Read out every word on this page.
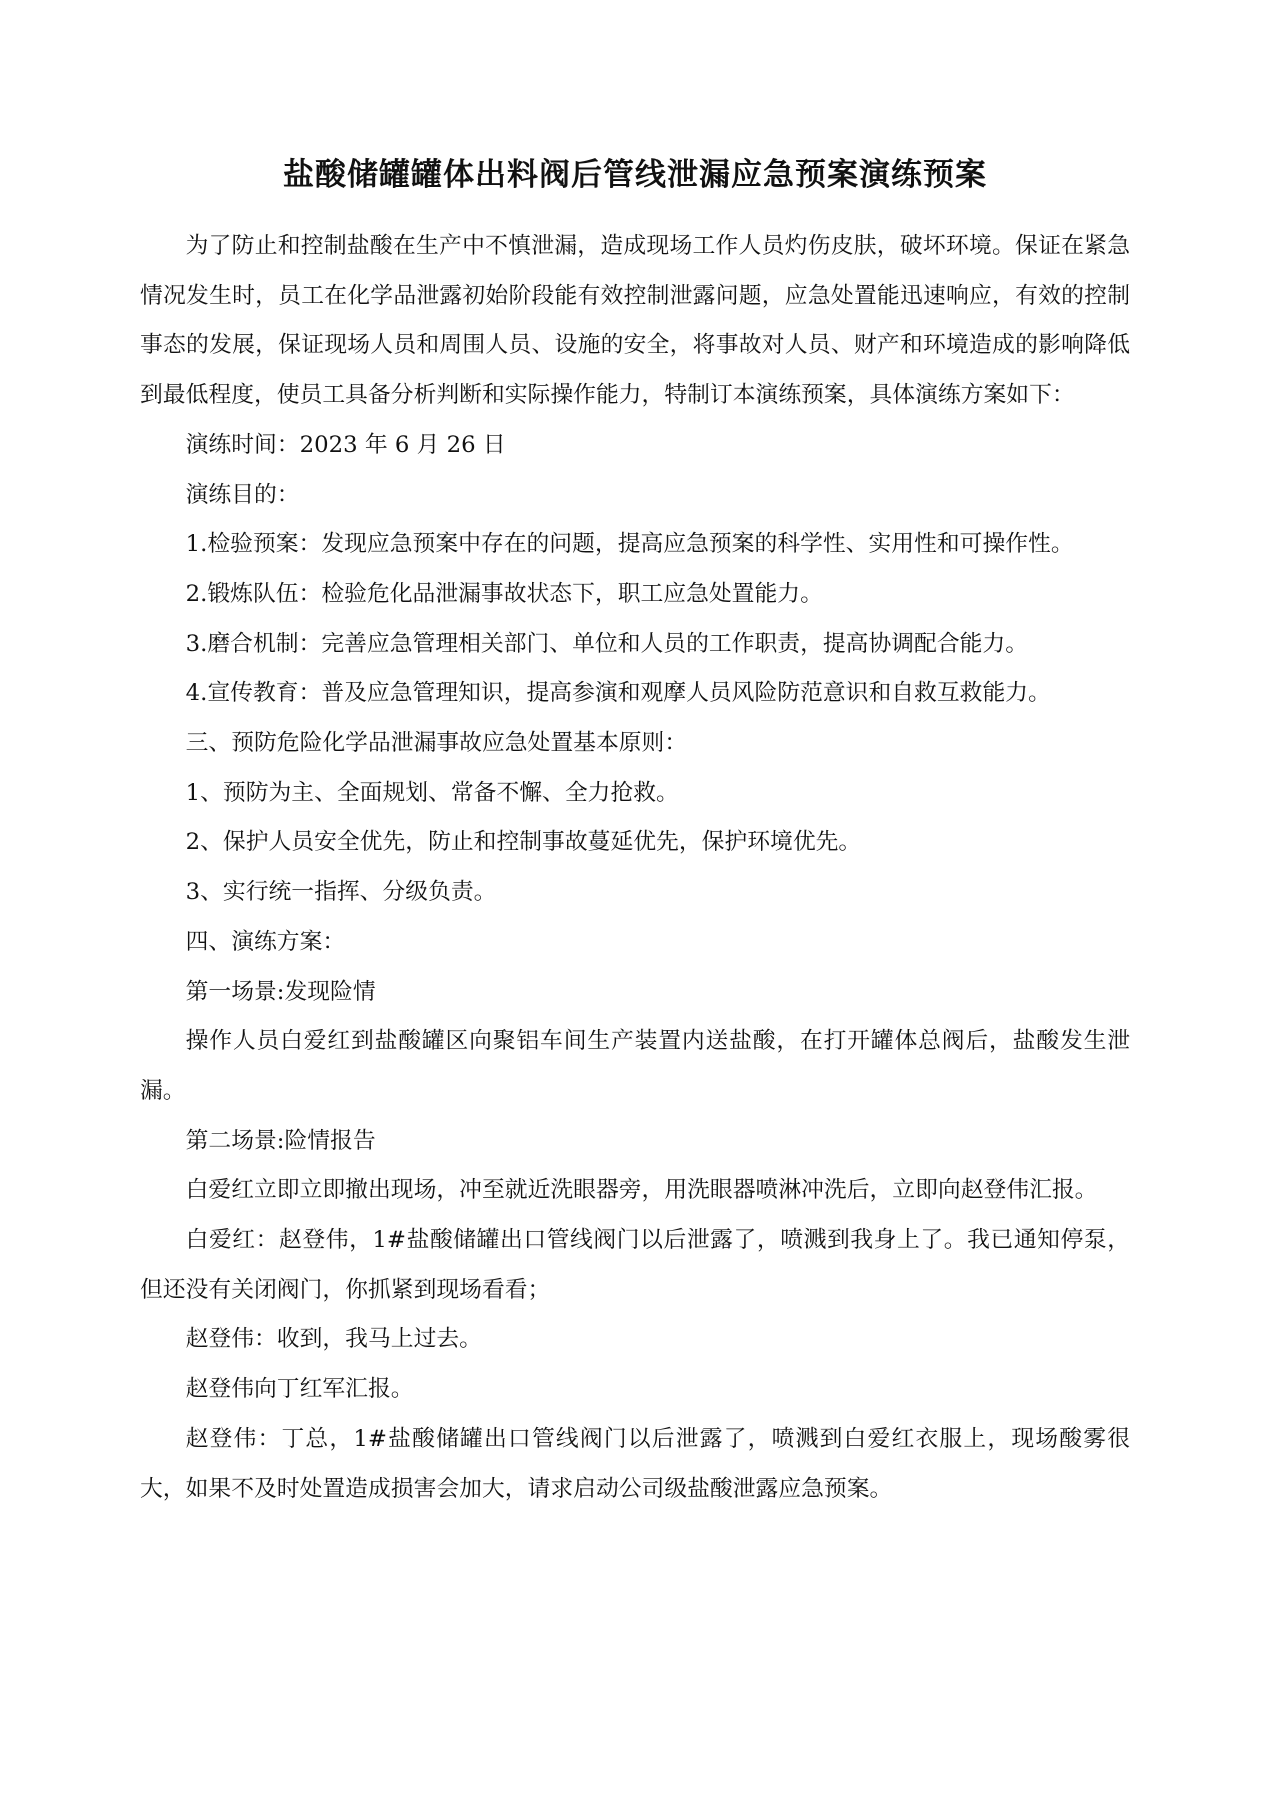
盐酸储罐罐体出料阀后管线泄漏应急预案演练预案

为了防止和控制盐酸在生产中不慎泄漏，造成现场工作人员灼伤皮肤，破坏环境。保证在紧急情况发生时，员工在化学品泄露初始阶段能有效控制泄露问题，应急处置能迅速响应，有效的控制事态的发展，保证现场人员和周围人员、设施的安全，将事故对人员、财产和环境造成的影响降低到最低程度，使员工具备分析判断和实际操作能力，特制订本演练预案，具体演练方案如下：

演练时间：2023 年 6 月 26 日

演练目的：

1.检验预案：发现应急预案中存在的问题，提高应急预案的科学性、实用性和可操作性。

2.锻炼队伍：检验危化品泄漏事故状态下，职工应急处置能力。

3.磨合机制：完善应急管理相关部门、单位和人员的工作职责，提高协调配合能力。

4.宣传教育：普及应急管理知识，提高参演和观摩人员风险防范意识和自救互救能力。

三、预防危险化学品泄漏事故应急处置基本原则：

1、预防为主、全面规划、常备不懈、全力抢救。

2、保护人员安全优先，防止和控制事故蔓延优先，保护环境优先。

3、实行统一指挥、分级负责。

四、演练方案：

第一场景:发现险情

操作人员白爱红到盐酸罐区向聚铝车间生产装置内送盐酸，在打开罐体总阀后，盐酸发生泄漏。

第二场景:险情报告

白爱红立即立即撤出现场，冲至就近洗眼器旁，用洗眼器喷淋冲洗后，立即向赵登伟汇报。

白爱红：赵登伟，1#盐酸储罐出口管线阀门以后泄露了，喷溅到我身上了。我已通知停泵，但还没有关闭阀门，你抓紧到现场看看；

赵登伟：收到，我马上过去。

赵登伟向丁红军汇报。

赵登伟：丁总，1#盐酸储罐出口管线阀门以后泄露了，喷溅到白爱红衣服上，现场酸雾很大，如果不及时处置造成损害会加大，请求启动公司级盐酸泄露应急预案。
